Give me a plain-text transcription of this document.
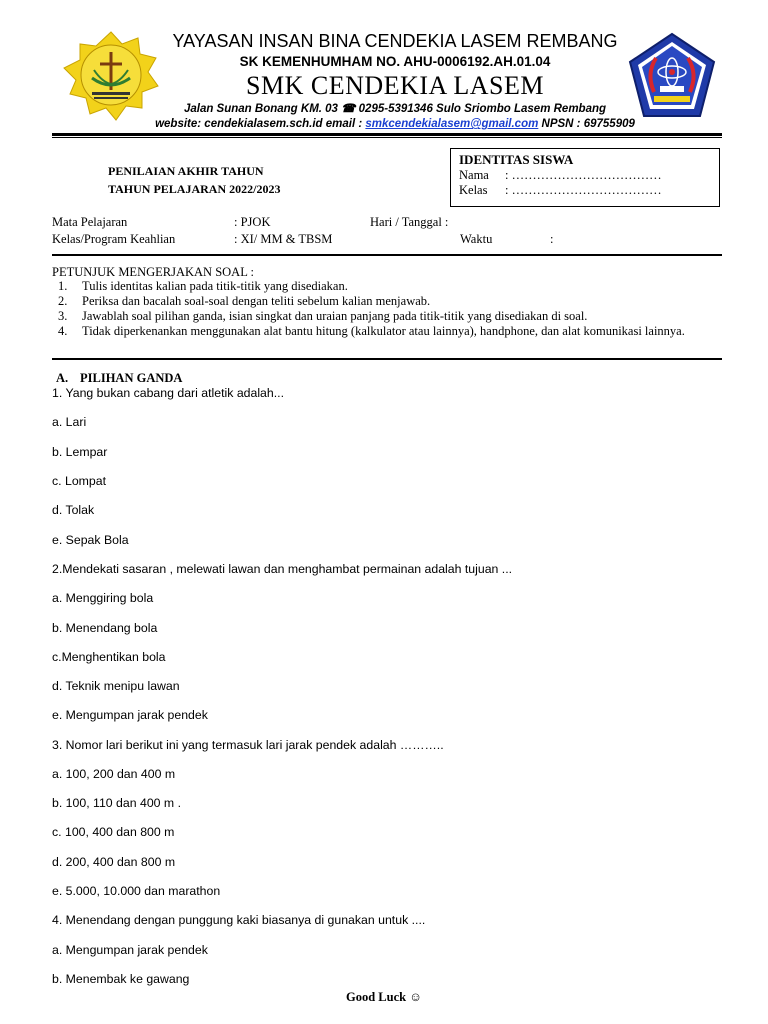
YAYASAN INSAN BINA CENDEKIA LASEM REMBANG
SK KEMENHUMHAM NO. AHU-0006192.AH.01.04
SMK CENDEKIA LASEM
Jalan Sunan Bonang KM. 03 ☎ 0295-5391346 Sulo Sriombo Lasem Rembang
website: cendekialasem.sch.id email : smkcendekialasem@gmail.com NPSN : 69755909
PENILAIAN AKHIR TAHUN
TAHUN PELAJARAN 2022/2023
IDENTITAS SISWA
Nama	: ………………………………
Kelas	: ………………………………
Mata Pelajaran	: PJOK	Hari / Tanggal :
Kelas/Program Keahlian	: XI/ MM & TBSM	Waktu	:
PETUNJUK MENGERJAKAN SOAL :
1. Tulis identitas kalian pada titik-titik yang disediakan.
2. Periksa dan bacalah soal-soal dengan teliti sebelum kalian menjawab.
3. Jawablah soal pilihan ganda, isian singkat dan uraian panjang pada titik-titik yang disediakan di soal.
4. Tidak diperkenankan menggunakan alat bantu hitung (kalkulator atau lainnya), handphone, dan alat komunikasi lainnya.
A. PILIHAN GANDA
1. Yang bukan cabang dari atletik adalah...
a. Lari
b. Lempar
c. Lompat
d. Tolak
e. Sepak Bola
2.Mendekati sasaran , melewati lawan dan menghambat permainan adalah tujuan ...
a. Menggiring bola
b. Menendang bola
c.Menghentikan bola
d. Teknik menipu lawan
e. Mengumpan jarak pendek
3. Nomor lari berikut ini yang termasuk lari jarak pendek adalah ………..
a. 100, 200 dan 400 m
b. 100, 110 dan 400 m .
c. 100, 400 dan 800 m
d. 200, 400 dan 800 m
e. 5.000, 10.000 dan marathon
4. Menendang dengan punggung kaki biasanya di gunakan untuk ....
a. Mengumpan jarak pendek
b. Menembak ke gawang
Good Luck ☺
